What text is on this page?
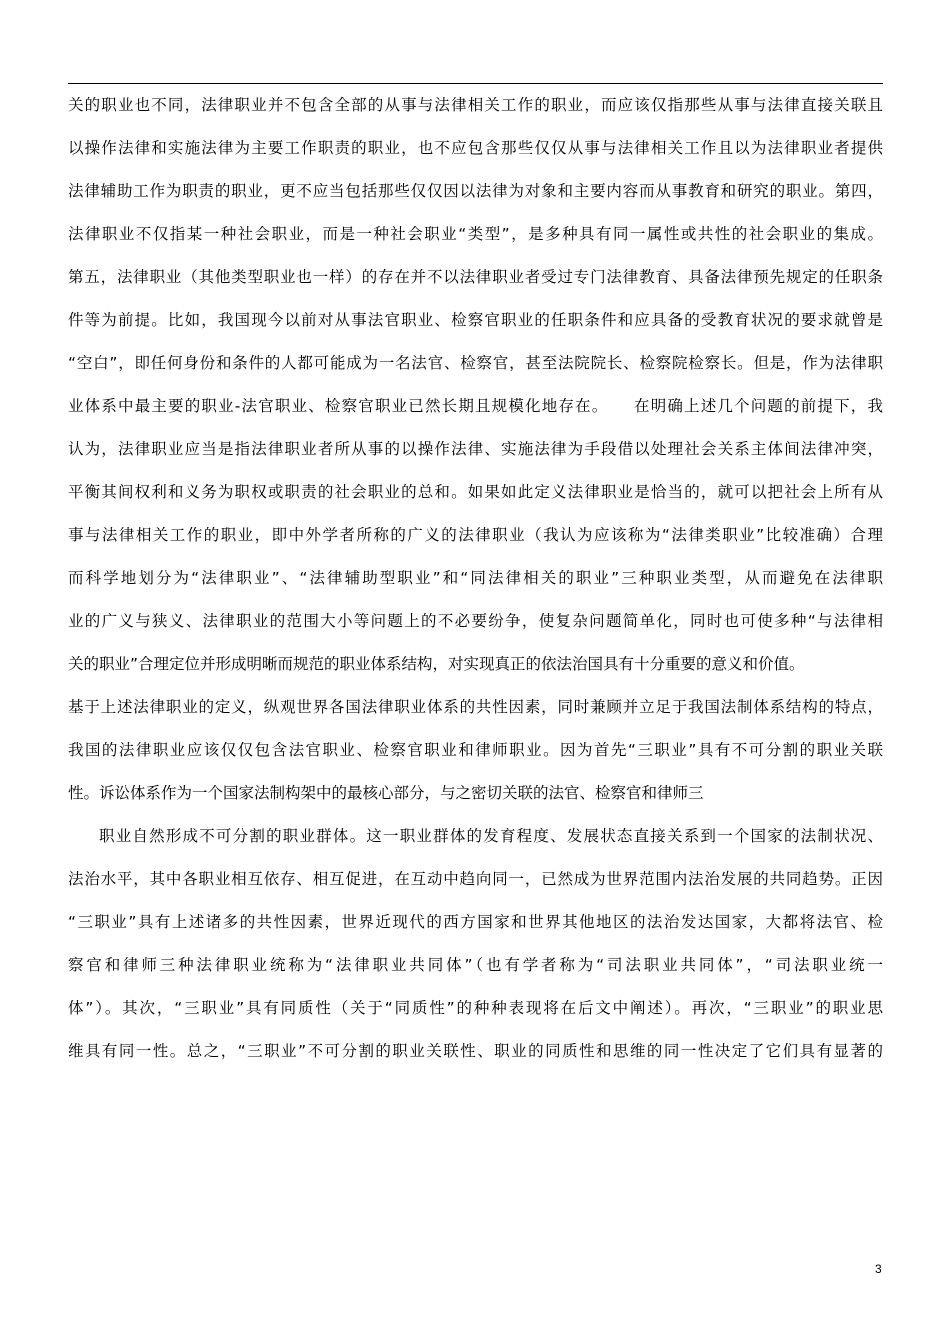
关的职业也不同，法律职业并不包含全部的从事与法律相关工作的职业，而应该仅指那些从事与法律直接关联且
以操作法律和实施法律为主要工作职责的职业，也不应包含那些仅仅从事与法律相关工作且以为法律职业者提供
法律辅助工作为职责的职业，更不应当包括那些仅仅因以法律为对象和主要内容而从事教育和研究的职业。第四，
法律职业不仅指某一种社会职业，而是一种社会职业“类型”，是多种具有同一属性或共性的社会职业的集成。
第五，法律职业（其他类型职业也一样）的存在并不以法律职业者受过专门法律教育、具备法律预先规定的任职条
件等为前提。比如，我国现今以前对从事法官职业、检察官职业的任职条件和应具备的受教育状况的要求就曾是
“空白”，即任何身份和条件的人都可能成为一名法官、检察官，甚至法院院长、检察院检察长。但是，作为法律职
业体系中最主要的职业-法官职业、检察官职业已然长期且规模化地存在。　　在明确上述几个问题的前提下，我
认为，法律职业应当是指法律职业者所从事的以操作法律、实施法律为手段借以处理社会关系主体间法律冲突，
平衡其间权利和义务为职权或职责的社会职业的总和。如果如此定义法律职业是恰当的，就可以把社会上所有从
事与法律相关工作的职业，即中外学者所称的广义的法律职业（我认为应该称为“法律类职业”比较准确）合理
而科学地划分为“法律职业”、“法律辅助型职业”和“同法律相关的职业”三种职业类型，从而避免在法律职
业的广义与狭义、法律职业的范围大小等问题上的不必要纷争，使复杂问题简单化，同时也可使多种“与法律相
关的职业”合理定位并形成明晰而规范的职业体系结构，对实现真正的依法治国具有十分重要的意义和价值。
基于上述法律职业的定义，纵观世界各国法律职业体系的共性因素，同时兼顾并立足于我国法制体系结构的特点，
我国的法律职业应该仅仅包含法官职业、检察官职业和律师职业。因为首先“三职业”具有不可分割的职业关联
性。诉讼体系作为一个国家法制构架中的最核心部分，与之密切关联的法官、检察官和律师三
职业自然形成不可分割的职业群体。这一职业群体的发育程度、发展状态直接关系到一个国家的法制状况、
法治水平，其中各职业相互依存、相互促进，在互动中趋向同一，已然成为世界范围内法治发展的共同趋势。正因
“三职业”具有上述诸多的共性因素，世界近现代的西方国家和世界其他地区的法治发达国家，大都将法官、检
察官和律师三种法律职业统称为“法律职业共同体”（也有学者称为“司法职业共同体”，“司法职业统一
体”）。其次，“三职业”具有同质性（关于“同质性”的种种表现将在后文中阐述）。再次，“三职业”的职业思
维具有同一性。总之，“三职业”不可分割的职业关联性、职业的同质性和思维的同一性决定了它们具有显著的
3
